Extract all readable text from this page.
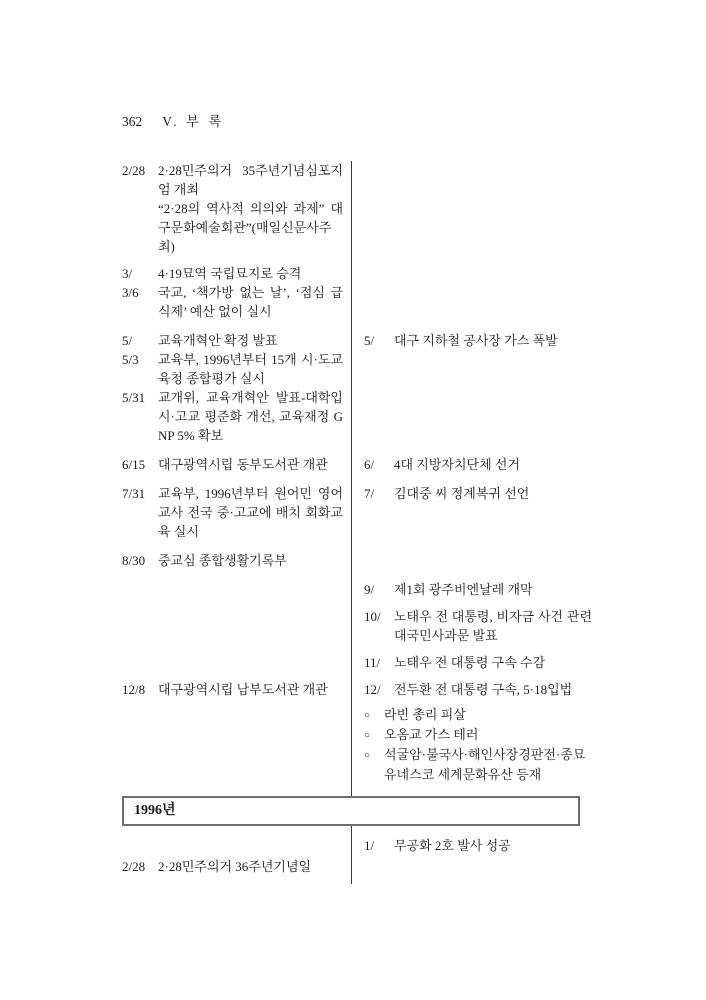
362 V. 부 록

2/28 2·28민주의거 35주년기념심포지엄 개최

“2·28의 역사적 의의와 과제” 대구문화예술회관”(매일신문사주최)

3/ 4·19묘역 국립묘지로 승격

3/6 국교, ‘책가방 없는 날’, ‘점심 급식제’ 예산 없이 실시

5/ 교육개혁안 확정 발표

5/3 교육부, 1996년부터 15개 시·도교육청 종합평가 실시

5/31 교개위, 교육개혁안 발표-대학입시·고교 평준화 개선, 교육재정 GNP 5% 확보

5/ 대구 지하철 공사장 가스 폭발

6/15 대구광역시립 동부도서관 개관	6/ 4대 지방자치단체 선거

7/31 교육부, 1996년부터 원어민 영어교사 전국 중·고교에 배치 회화교육 실시

7/ 김대중 씨 정계복귀 선언

8/30 중교심 종합생활기록부

9/ 제1회 광주비엔날레 개막

10/ 노태우 전 대통령, 비자금 사건 관련 대국민사과문 발표

11/ 노태우 전 대통령 구속 수감

12/8 대구광역시립 남부도서관 개관	12/ 전두환 전 대통령 구속, 5·18입법

○ 라빈 총리 피살

○ 오옴교 가스 테러

○ 석굴암·불국사·해인사장경판전·종묘 유네스코 세계문화유산 등재

1996년

2/28 2·28민주의거 36주년기념일

1/ 무공화 2호 발사 성공
